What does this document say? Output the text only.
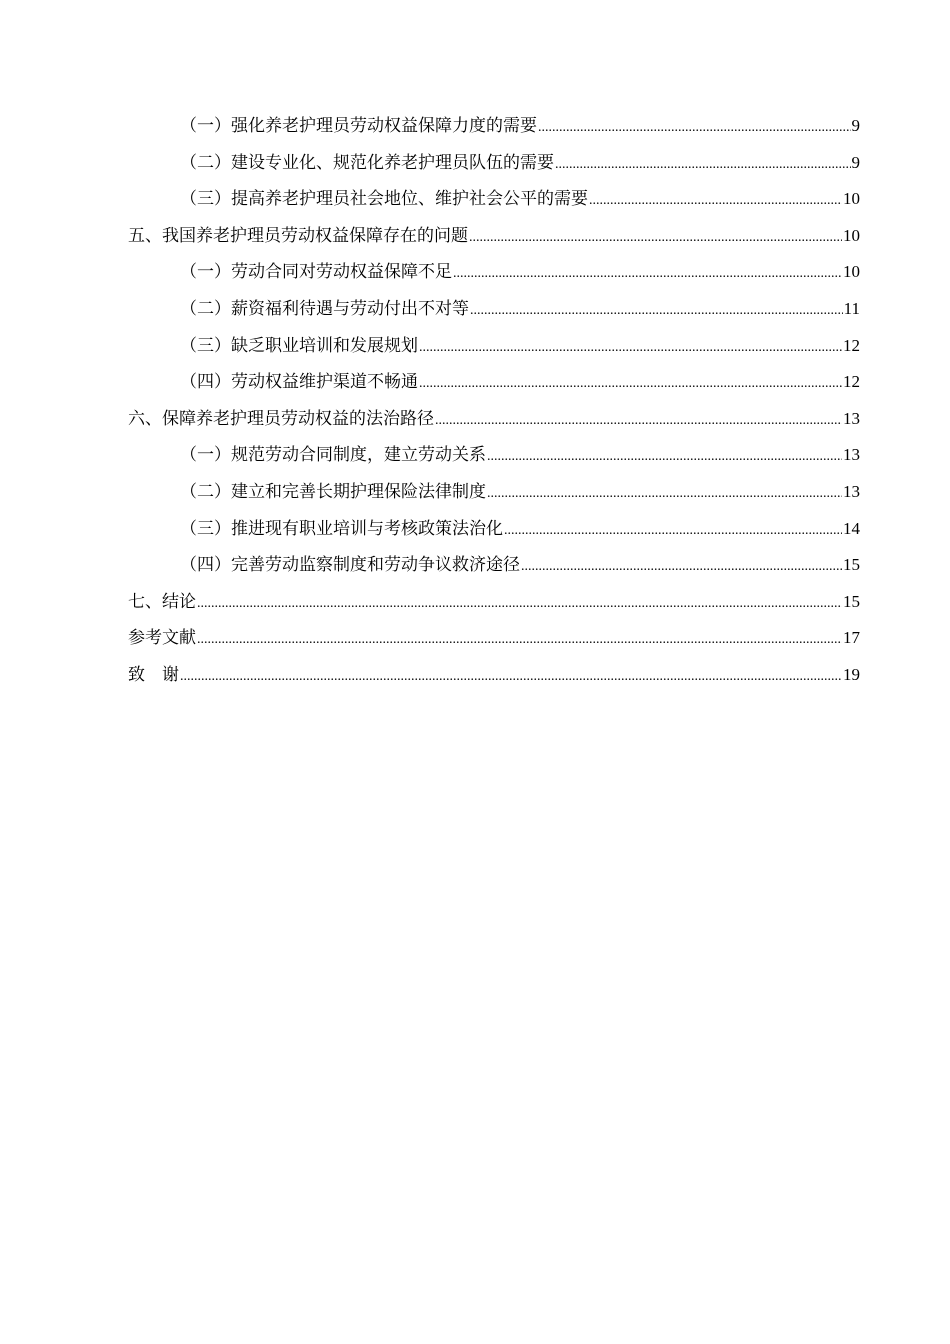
（一）强化养老护理员劳动权益保障力度的需要 .....	9
（二）建设专业化、规范化养老护理员队伍的需要 .....	9
（三）提高养老护理员社会地位、维护社会公平的需要 .....	10
五、我国养老护理员劳动权益保障存在的问题 .....	10
（一）劳动合同对劳动权益保障不足 .....	10
（二）薪资福利待遇与劳动付出不对等 .....	11
（三）缺乏职业培训和发展规划 .....	12
（四）劳动权益维护渠道不畅通 .....	12
六、保障养老护理员劳动权益的法治路径 .....	13
（一）规范劳动合同制度，建立劳动关系 .....	13
（二）建立和完善长期护理保险法律制度 .....	13
（三）推进现有职业培训与考核政策法治化 .....	14
（四）完善劳动监察制度和劳动争议救济途径 .....	15
七、结论 .....	15
参考文献 .....	17
致　谢 .....	19
